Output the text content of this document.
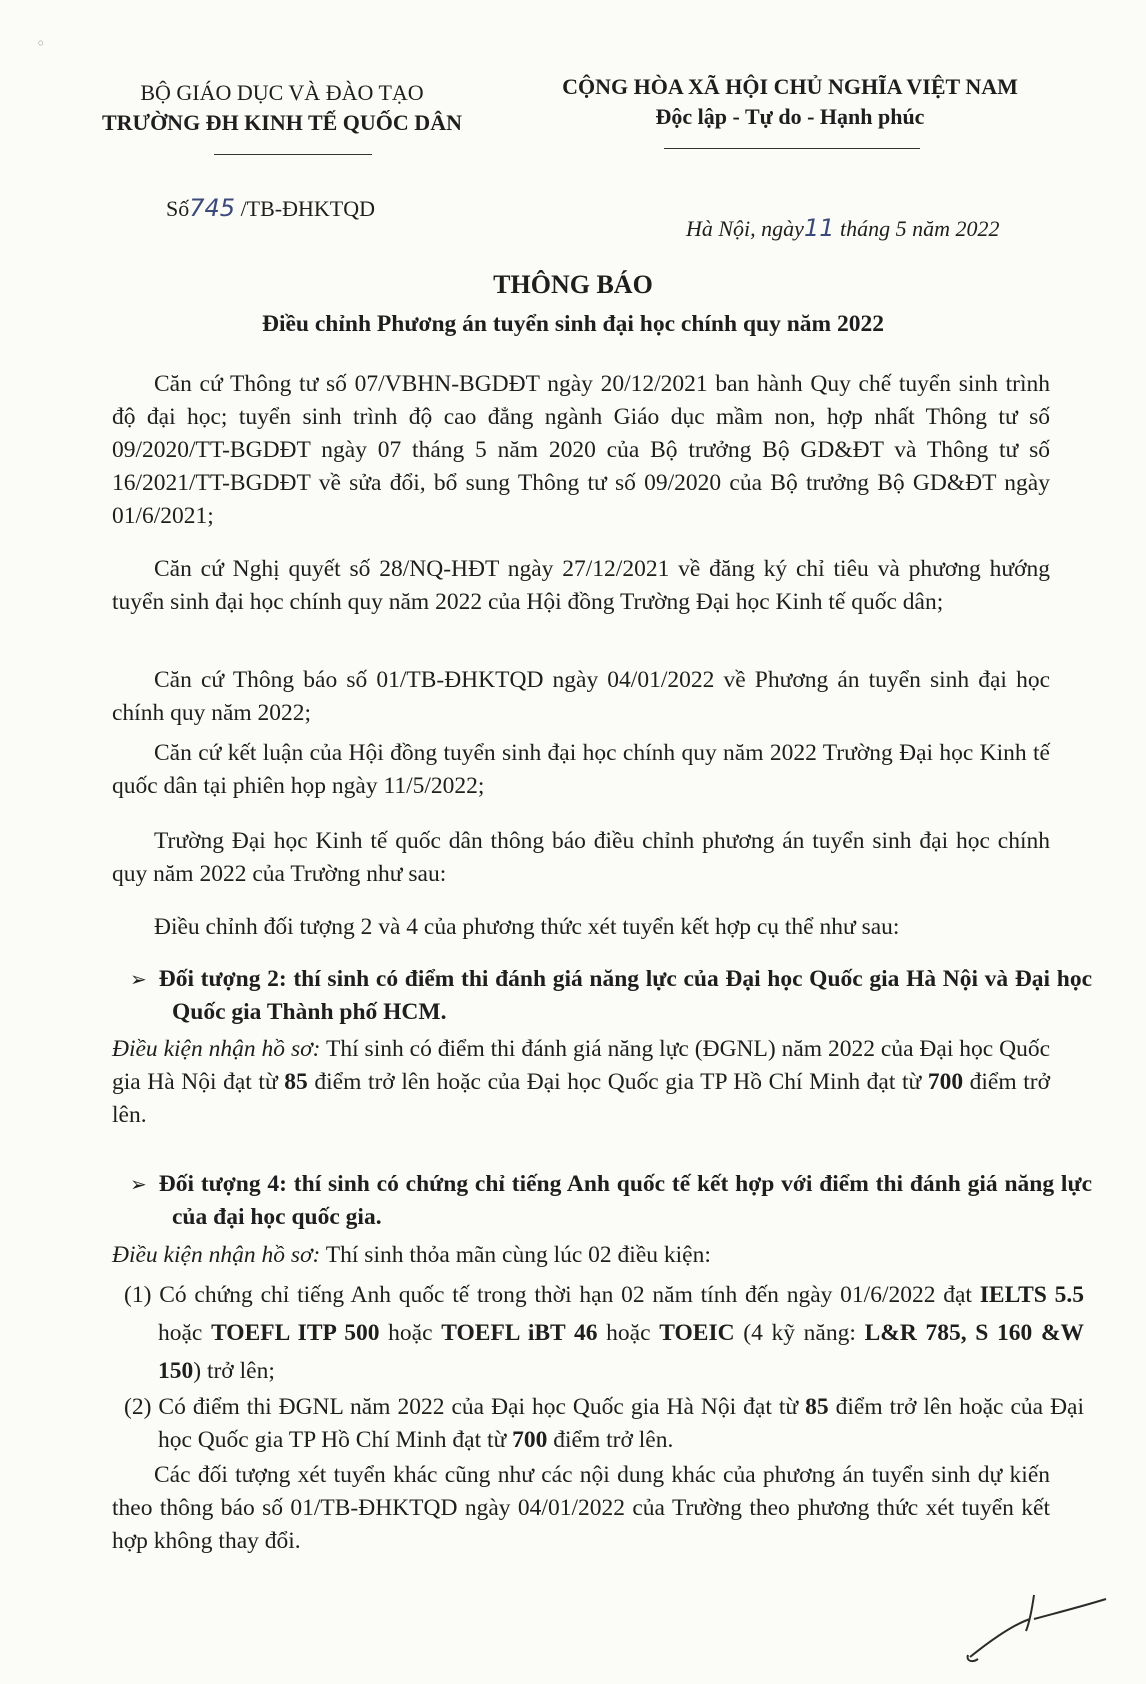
◦
BỘ GIÁO DỤC VÀ ĐÀO TẠO
TRƯỜNG ĐH KINH TẾ QUỐC DÂN
CỘNG HÒA XÃ HỘI CHỦ NGHĨA VIỆT NAM
Độc lập - Tự do - Hạnh phúc
Số745 /TB-ĐHKTQD
Hà Nội, ngày11 tháng 5 năm 2022
THÔNG BÁO
Điều chỉnh Phương án tuyển sinh đại học chính quy năm 2022
Căn cứ Thông tư số 07/VBHN-BGDĐT ngày 20/12/2021 ban hành Quy chế tuyển sinh trình độ đại học; tuyển sinh trình độ cao đẳng ngành Giáo dục mầm non, hợp nhất Thông tư số 09/2020/TT-BGDĐT ngày 07 tháng 5 năm 2020 của Bộ trưởng Bộ GD&ĐT và Thông tư số 16/2021/TT-BGDĐT về sửa đổi, bổ sung Thông tư số 09/2020 của Bộ trưởng Bộ GD&ĐT ngày 01/6/2021;
Căn cứ Nghị quyết số 28/NQ-HĐT ngày 27/12/2021 về đăng ký chỉ tiêu và phương hướng tuyển sinh đại học chính quy năm 2022 của Hội đồng Trường Đại học Kinh tế quốc dân;
Căn cứ Thông báo số 01/TB-ĐHKTQD ngày 04/01/2022 về Phương án tuyển sinh đại học chính quy năm 2022;
Căn cứ kết luận của Hội đồng tuyển sinh đại học chính quy năm 2022 Trường Đại học Kinh tế quốc dân tại phiên họp ngày 11/5/2022;
Trường Đại học Kinh tế quốc dân thông báo điều chỉnh phương án tuyển sinh đại học chính quy năm 2022 của Trường như sau:
Điều chỉnh đối tượng 2 và 4 của phương thức xét tuyển kết hợp cụ thể như sau:
➢ Đối tượng 2: thí sinh có điểm thi đánh giá năng lực của Đại học Quốc gia Hà Nội và Đại học Quốc gia Thành phố HCM.
Điều kiện nhận hồ sơ: Thí sinh có điểm thi đánh giá năng lực (ĐGNL) năm 2022 của Đại học Quốc gia Hà Nội đạt từ 85 điểm trở lên hoặc của Đại học Quốc gia TP Hồ Chí Minh đạt từ 700 điểm trở lên.
➢ Đối tượng 4: thí sinh có chứng chỉ tiếng Anh quốc tế kết hợp với điểm thi đánh giá năng lực của đại học quốc gia.
Điều kiện nhận hồ sơ: Thí sinh thỏa mãn cùng lúc 02 điều kiện:
(1) Có chứng chỉ tiếng Anh quốc tế trong thời hạn 02 năm tính đến ngày 01/6/2022 đạt IELTS 5.5 hoặc TOEFL ITP 500 hoặc TOEFL iBT 46 hoặc TOEIC (4 kỹ năng: L&R 785, S 160 &W 150) trở lên;
(2) Có điểm thi ĐGNL năm 2022 của Đại học Quốc gia Hà Nội đạt từ 85 điểm trở lên hoặc của Đại học Quốc gia TP Hồ Chí Minh đạt từ 700 điểm trở lên.
Các đối tượng xét tuyển khác cũng như các nội dung khác của phương án tuyển sinh dự kiến theo thông báo số 01/TB-ĐHKTQD ngày 04/01/2022 của Trường theo phương thức xét tuyển kết hợp không thay đổi.
